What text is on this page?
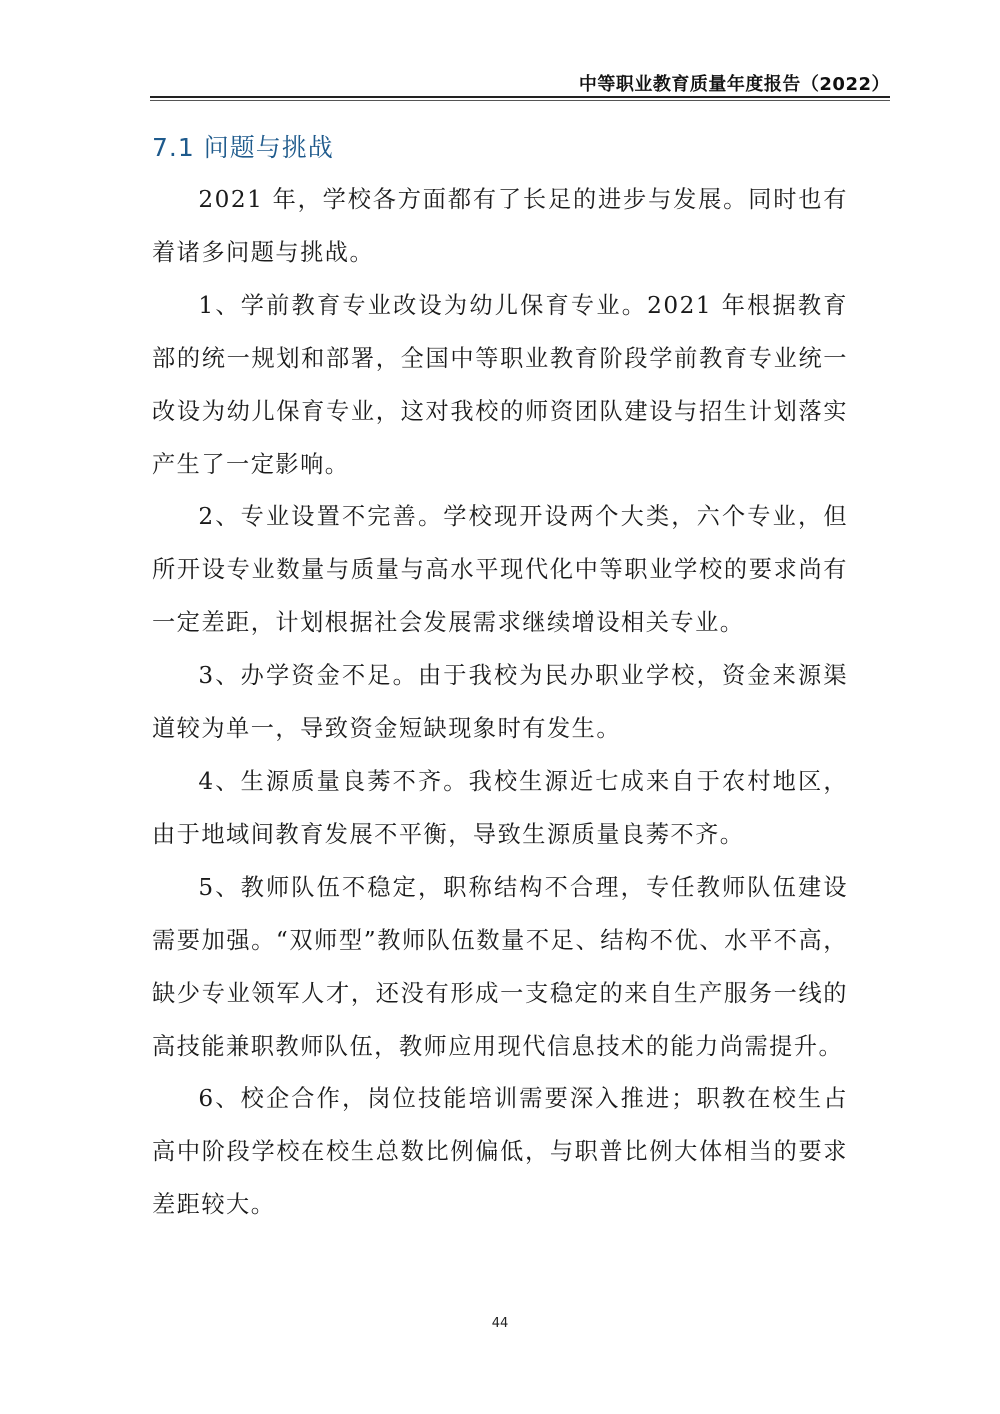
中等职业教育质量年度报告（2022）
7.1 问题与挑战

2021 年，学校各方面都有了长足的进步与发展。同时也有着诸多问题与挑战。

1、学前教育专业改设为幼儿保育专业。2021 年根据教育部的统一规划和部署，全国中等职业教育阶段学前教育专业统一改设为幼儿保育专业，这对我校的师资团队建设与招生计划落实产生了一定影响。

2、专业设置不完善。学校现开设两个大类，六个专业，但所开设专业数量与质量与高水平现代化中等职业学校的要求尚有一定差距，计划根据社会发展需求继续增设相关专业。

3、办学资金不足。由于我校为民办职业学校，资金来源渠道较为单一，导致资金短缺现象时有发生。

4、生源质量良莠不齐。我校生源近七成来自于农村地区，由于地域间教育发展不平衡，导致生源质量良莠不齐。

5、教师队伍不稳定，职称结构不合理，专任教师队伍建设需要加强。“双师型”教师队伍数量不足、结构不优、水平不高，缺少专业领军人才，还没有形成一支稳定的来自生产服务一线的高技能兼职教师队伍，教师应用现代信息技术的能力尚需提升。

6、校企合作，岗位技能培训需要深入推进；职教在校生占高中阶段学校在校生总数比例偏低，与职普比例大体相当的要求差距较大。

44
